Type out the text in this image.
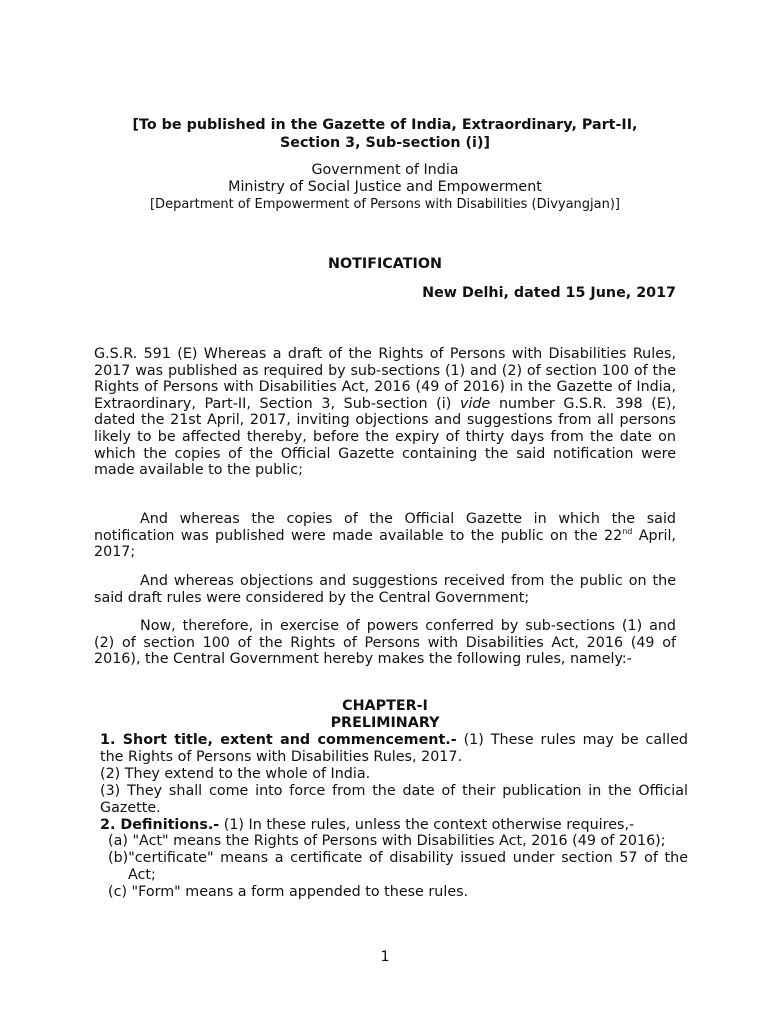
[To be published in the Gazette of India, Extraordinary, Part-II,
Section 3, Sub-section (i)]
Government of India
Ministry of Social Justice and Empowerment
[Department of Empowerment of Persons with Disabilities (Divyangjan)]
NOTIFICATION
New Delhi, dated 15 June, 2017
G.S.R. 591 (E) Whereas a draft of the Rights of Persons with Disabilities Rules, 2017 was published as required by sub-sections (1) and (2) of section 100 of the Rights of Persons with Disabilities Act, 2016 (49 of 2016) in the Gazette of India, Extraordinary, Part-II, Section 3, Sub-section (i) vide number G.S.R. 398 (E), dated the 21st April, 2017, inviting objections and suggestions from all persons likely to be affected thereby, before the expiry of thirty days from the date on which the copies of the Official Gazette containing the said notification were made available to the public;
And whereas the copies of the Official Gazette in which the said notification was published were made available to the public on the 22nd April, 2017;
And whereas objections and suggestions received from the public on the said draft rules were considered by the Central Government;
Now, therefore, in exercise of powers conferred by sub-sections (1) and (2) of section 100 of the Rights of Persons with Disabilities Act, 2016 (49 of 2016), the Central Government hereby makes the following rules, namely:-
CHAPTER-I
PRELIMINARY

1. Short title, extent and commencement.- (1) These rules may be called the Rights of Persons with Disabilities Rules, 2017.

(2) They extend to the whole of India.

(3) They shall come into force from the date of their publication in the Official Gazette.

2. Definitions.- (1) In these rules, unless the context otherwise requires,-

(a) "Act" means the Rights of Persons with Disabilities Act, 2016 (49 of 2016);

(b)"certificate" means a certificate of disability issued under section 57 of the Act;

(c) "Form" means a form appended to these rules.

1
